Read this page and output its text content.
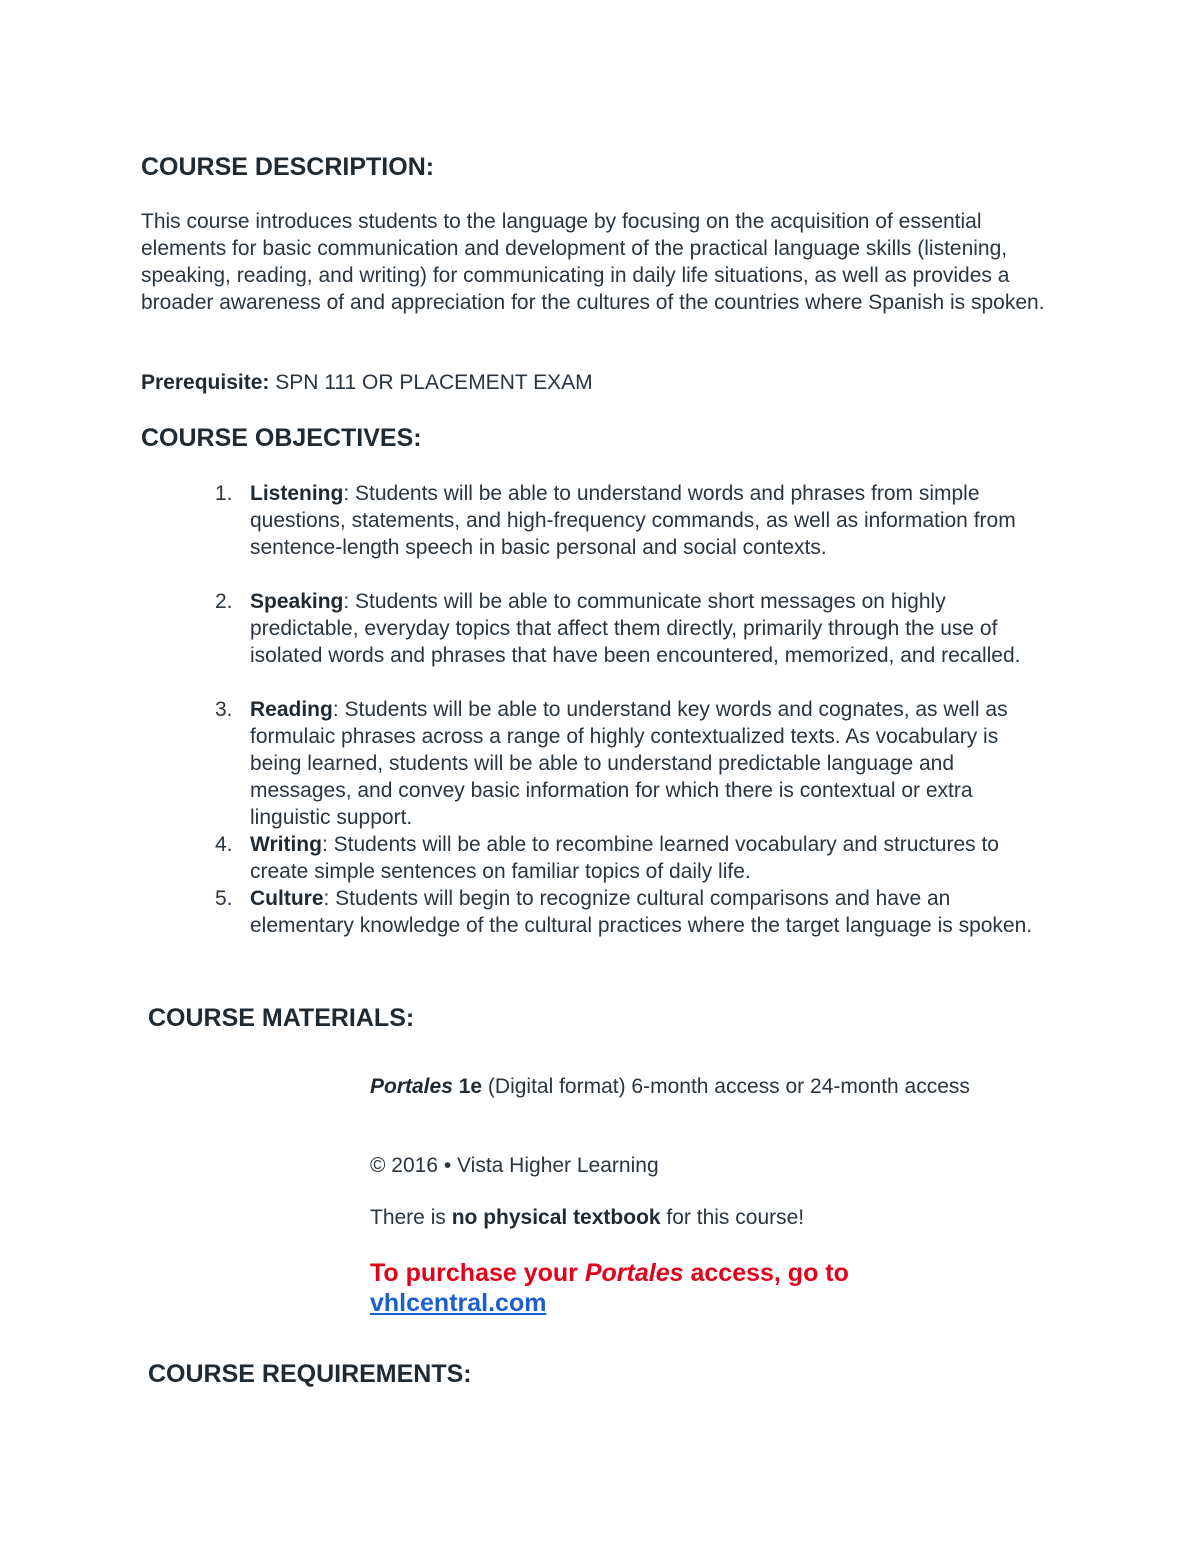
COURSE DESCRIPTION:

This course introduces students to the language by focusing on the acquisition of essential elements for basic communication and development of the practical language skills (listening, speaking, reading, and writing) for communicating in daily life situations, as well as provides a broader awareness of and appreciation for the cultures of the countries where Spanish is spoken.

Prerequisite: SPN 111 OR PLACEMENT EXAM

COURSE OBJECTIVES:
1. Listening: Students will be able to understand words and phrases from simple questions, statements, and high-frequency commands, as well as information from sentence-length speech in basic personal and social contexts.
2. Speaking: Students will be able to communicate short messages on highly predictable, everyday topics that affect them directly, primarily through the use of isolated words and phrases that have been encountered, memorized, and recalled.
3. Reading: Students will be able to understand key words and cognates, as well as formulaic phrases across a range of highly contextualized texts. As vocabulary is being learned, students will be able to understand predictable language and messages, and convey basic information for which there is contextual or extra linguistic support.
4. Writing: Students will be able to recombine learned vocabulary and structures to create simple sentences on familiar topics of daily life.
5. Culture: Students will begin to recognize cultural comparisons and have an elementary knowledge of the cultural practices where the target language is spoken.
COURSE MATERIALS:

Portales 1e (Digital format) 6-month access or 24-month access

© 2016 • Vista Higher Learning

There is no physical textbook for this course!

To purchase your Portales access, go to

vhlcentral.com
COURSE REQUIREMENTS:
